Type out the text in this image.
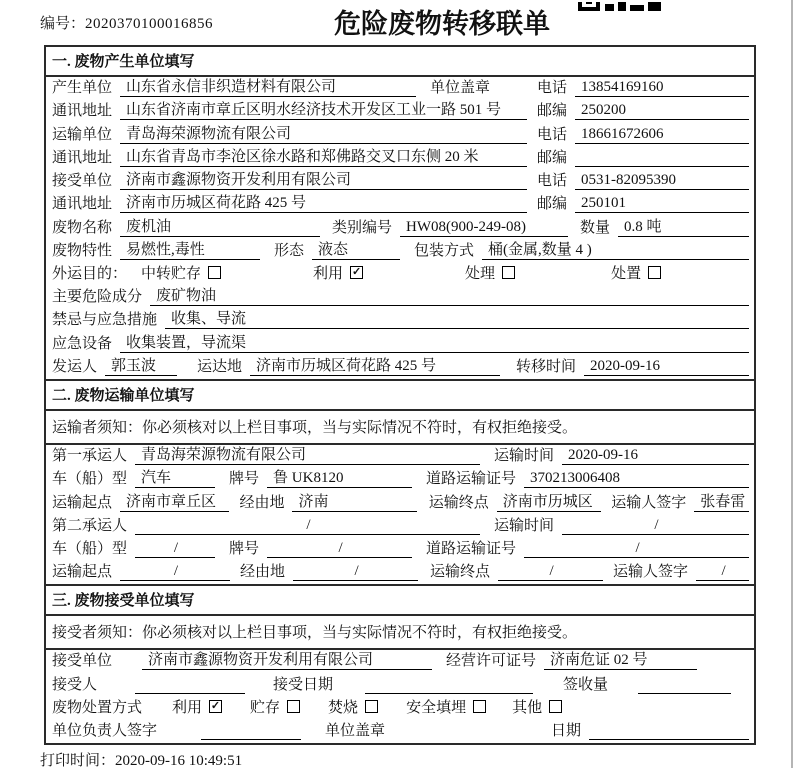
编号：2020370100016856	危险废物转移联单
一. 废物产生单位填写
产生单位 山东省永信非织造材料有限公司	单位盖章	电话 13854169160
通讯地址 山东省济南市章丘区明水经济技术开发区工业一路 501 号	邮编 250200
运输单位 青岛海荣源物流有限公司	电话 18661672606
通讯地址 山东省青岛市李沧区徐水路和郑佛路交叉口东侧 20 米	邮编
接受单位 济南市鑫源物资开发利用有限公司	电话 0531-82095390
通讯地址 济南市历城区荷花路 425 号	邮编 250101
废物名称 废机油	类别编号 HW08(900-249-08)	数量 0.8 吨
废物特性 易燃性,毒性	形态 液态	包装方式 桶(金属,数量 4 )
外运目的： 中转贮存	利用 ✓	处理	处置
主要危险成分 废矿物油
禁忌与应急措施 收集、导流
应急设备 收集装置，导流渠
发运人 郭玉波	运达地 济南市历城区荷花路 425 号	转移时间 2020-09-16
二. 废物运输单位填写
运输者须知：你必须核对以上栏目事项，当与实际情况不符时，有权拒绝接受。
第一承运人 青岛海荣源物流有限公司	运输时间 2020-09-16
车（船）型 汽车	牌号 鲁 UK8120	道路运输证号 370213006408
运输起点 济南市章丘区	经由地 济南	运输终点 济南市历城区	运输人签字 张春雷
第二承运人	/	运输时间	/
车（船）型	/	牌号	/	道路运输证号	/
运输起点	/	经由地	/	运输终点	/	运输人签字	/
三. 废物接受单位填写
接受者须知：你必须核对以上栏目事项，当与实际情况不符时，有权拒绝接受。
接受单位	济南市鑫源物资开发利用有限公司	经营许可证号 济南危证 02 号
接受人	接受日期	签收量
废物处置方式 利用 ✓ 贮存	焚烧	安全填埋	其他
单位负责人签字	单位盖章	日期
打印时间：2020-09-16 10:49:51
